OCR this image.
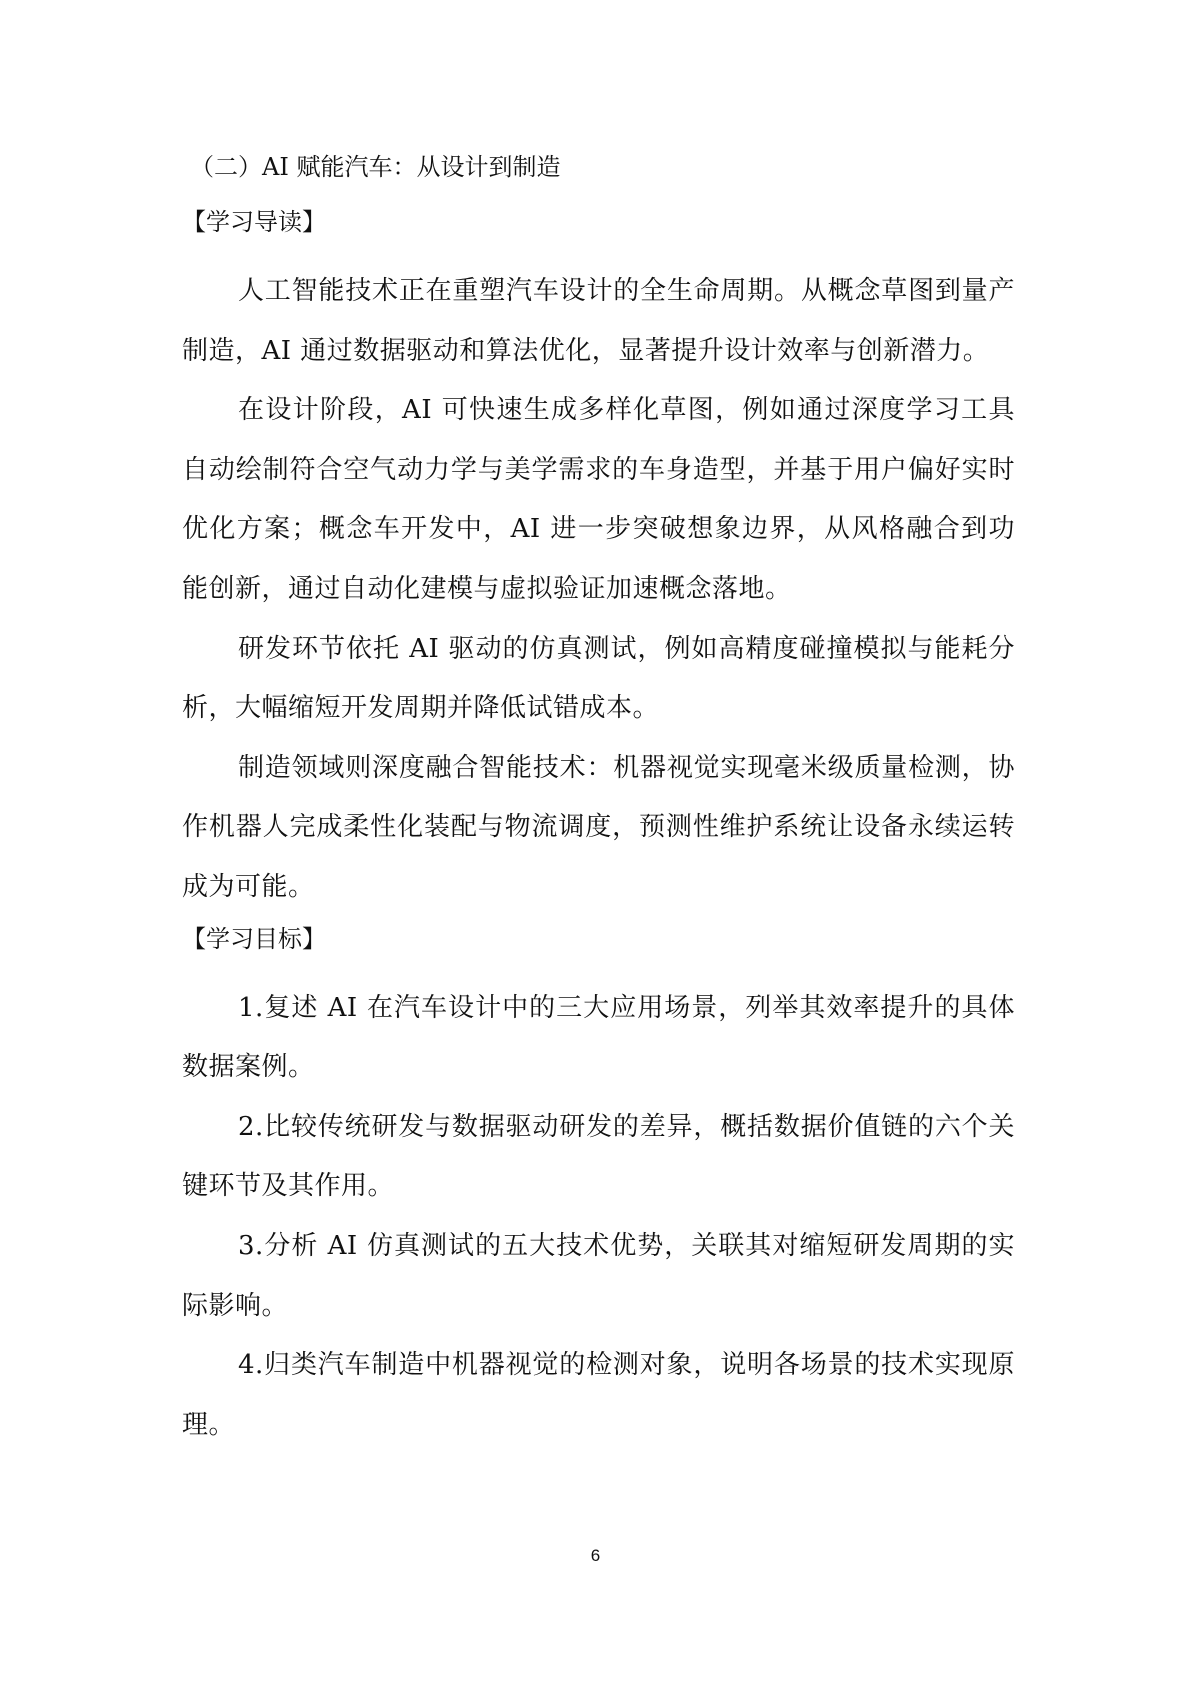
（二）AI 赋能汽车：从设计到制造
【学习导读】

人工智能技术正在重塑汽车设计的全生命周期。从概念草图到量产制造，AI 通过数据驱动和算法优化，显著提升设计效率与创新潜力。

在设计阶段，AI 可快速生成多样化草图，例如通过深度学习工具自动绘制符合空气动力学与美学需求的车身造型，并基于用户偏好实时优化方案；概念车开发中，AI 进一步突破想象边界，从风格融合到功能创新，通过自动化建模与虚拟验证加速概念落地。

研发环节依托 AI 驱动的仿真测试，例如高精度碰撞模拟与能耗分析，大幅缩短开发周期并降低试错成本。

制造领域则深度融合智能技术：机器视觉实现毫米级质量检测，协作机器人完成柔性化装配与物流调度，预测性维护系统让设备永续运转成为可能。

【学习目标】

1.复述 AI 在汽车设计中的三大应用场景，列举其效率提升的具体数据案例。

2.比较传统研发与数据驱动研发的差异，概括数据价值链的六个关键环节及其作用。

3.分析 AI 仿真测试的五大技术优势，关联其对缩短研发周期的实际影响。

4.归类汽车制造中机器视觉的检测对象，说明各场景的技术实现原理。

6
